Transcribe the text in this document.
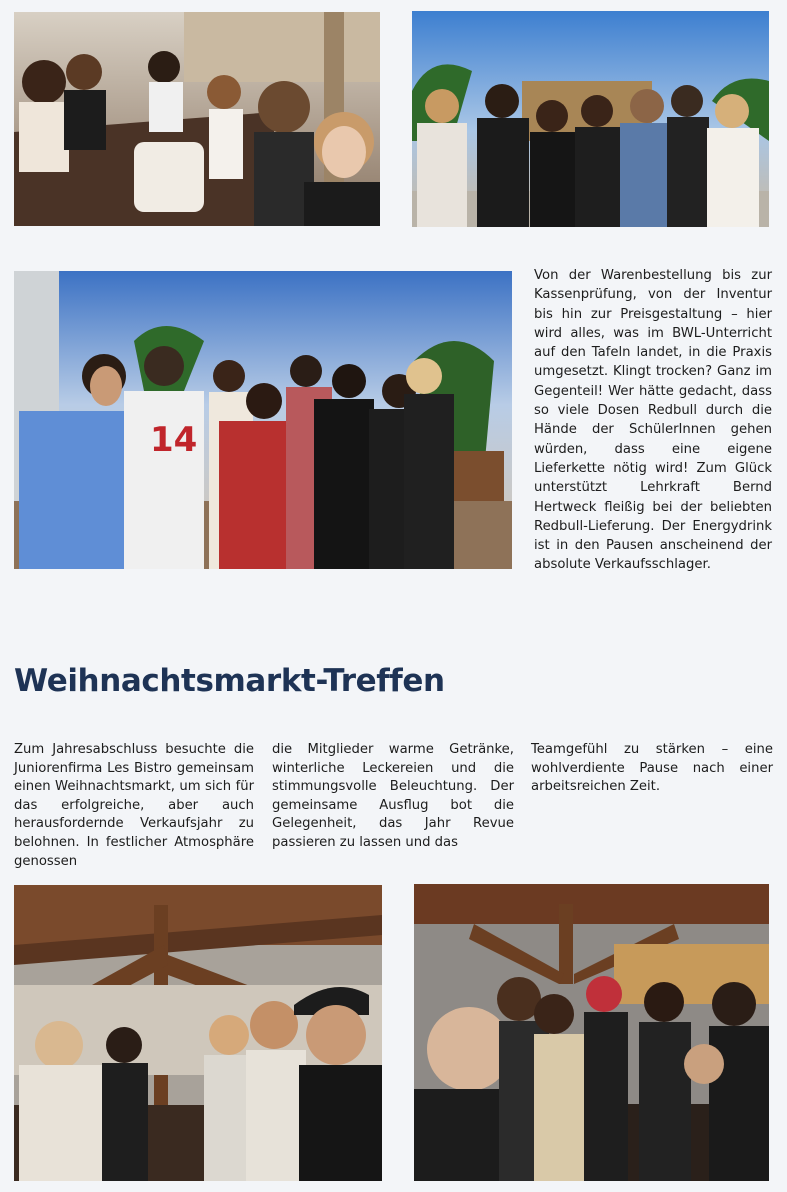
14

Von der Warenbestellung bis zur Kassenprüfung, von der Inventur bis hin zur Preisgestaltung – hier wird alles, was im BWL-Unterricht auf den Tafeln landet, in die Praxis umgesetzt. Klingt trocken? Ganz im Gegenteil! Wer hätte gedacht, dass so viele Dosen Redbull durch die Hände der SchülerInnen gehen würden, dass eine eigene Lieferkette nötig wird! Zum Glück unterstützt Lehrkraft Bernd Hertweck fleißig bei der beliebten Redbull-Lieferung. Der Energydrink ist in den Pausen anscheinend der absolute Verkaufsschlager.

Weihnachtsmarkt-Treffen

Zum Jahresabschluss besuchte die Juniorenfirma Les Bistro gemeinsam einen Weihnachtsmarkt, um sich für das erfolgreiche, aber auch herausfordernde Verkaufsjahr zu belohnen. In festlicher Atmosphäre genossen

die Mitglieder warme Getränke, winterliche Leckereien und die stimmungsvolle Beleuchtung. Der gemeinsame Ausflug bot die Gelegenheit, das Jahr Revue passieren zu lassen und das

Teamgefühl zu stärken – eine wohlverdiente Pause nach einer arbeitsreichen Zeit.
